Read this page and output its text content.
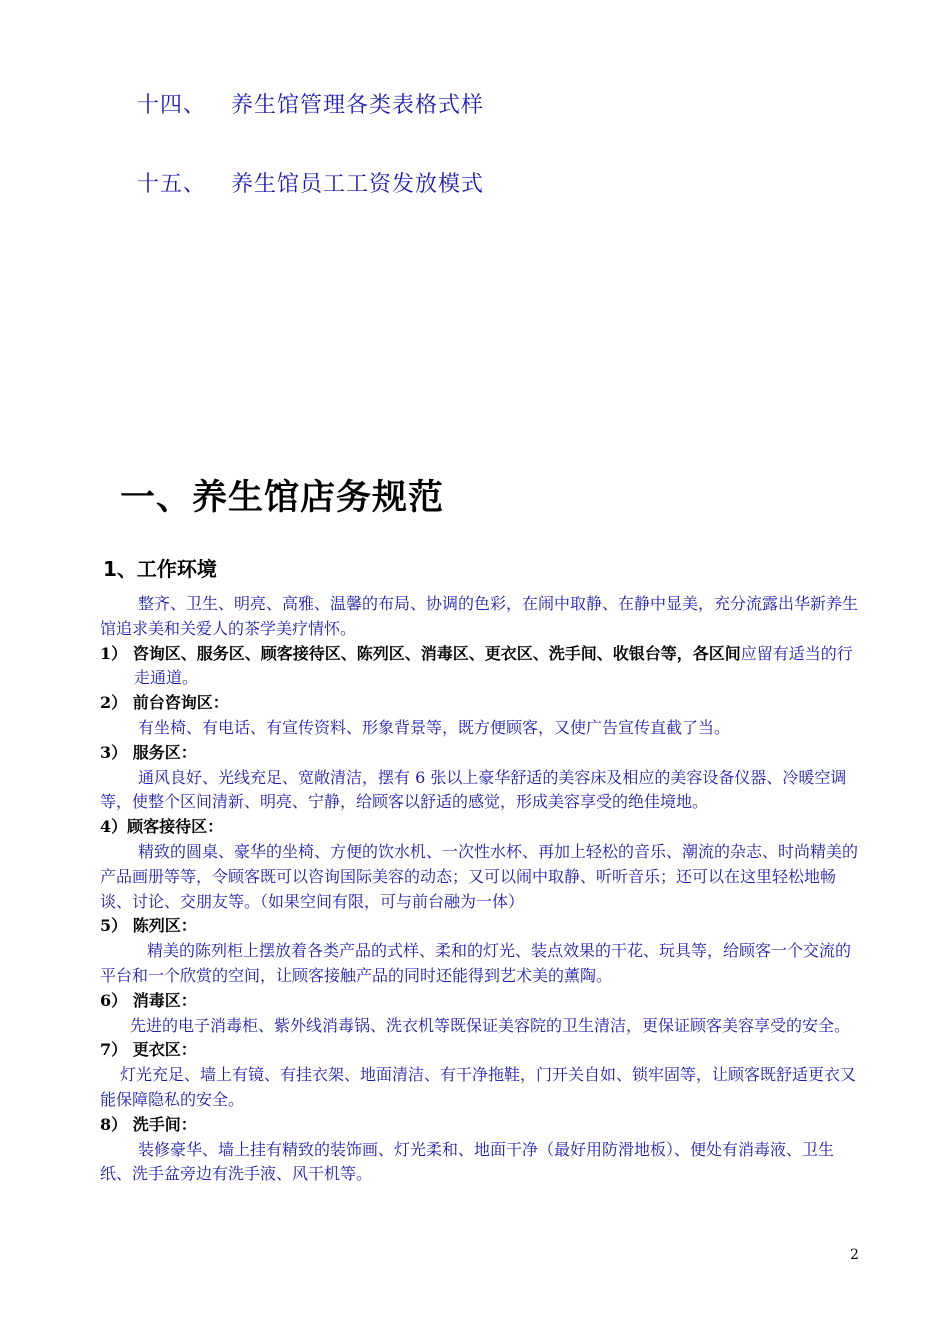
十四、 养生馆管理各类表格式样
十五、 养生馆员工工资发放模式
一、养生馆店务规范
1、工作环境

整齐、卫生、明亮、高雅、温馨的布局、协调的色彩，在闹中取静、在静中显美，充分流露出华新养生馆追求美和关爱人的茶学美疗情怀。

1） 咨询区、服务区、顾客接待区、陈列区、消毒区、更衣区、洗手间、收银台等，各区间应留有适当的行走通道。

2） 前台咨询区：

有坐椅、有电话、有宣传资料、形象背景等，既方便顾客，又使广告宣传直截了当。

3） 服务区：

通风良好、光线充足、宽敞清洁，摆有 6 张以上豪华舒适的美容床及相应的美容设备仪器、冷暖空调等，使整个区间清新、明亮、宁静，给顾客以舒适的感觉，形成美容享受的绝佳境地。

4）顾客接待区：

精致的圆桌、豪华的坐椅、方便的饮水机、一次性水杯、再加上轻松的音乐、潮流的杂志、时尚精美的产品画册等等，令顾客既可以咨询国际美容的动态；又可以闹中取静、听听音乐；还可以在这里轻松地畅谈、讨论、交朋友等。（如果空间有限，可与前台融为一体）

5） 陈列区：

精美的陈列柜上摆放着各类产品的式样、柔和的灯光、装点效果的干花、玩具等，给顾客一个交流的平台和一个欣赏的空间，让顾客接触产品的同时还能得到艺术美的薰陶。

6） 消毒区：

先进的电子消毒柜、紫外线消毒锅、洗衣机等既保证美容院的卫生清洁，更保证顾客美容享受的安全。

7） 更衣区：

灯光充足、墙上有镜、有挂衣架、地面清洁、有干净拖鞋，门开关自如、锁牢固等，让顾客既舒适更衣又能保障隐私的安全。

8） 洗手间：

装修豪华、墙上挂有精致的装饰画、灯光柔和、地面干净（最好用防滑地板）、便处有消毒液、卫生纸、洗手盆旁边有洗手液、风干机等。

2
